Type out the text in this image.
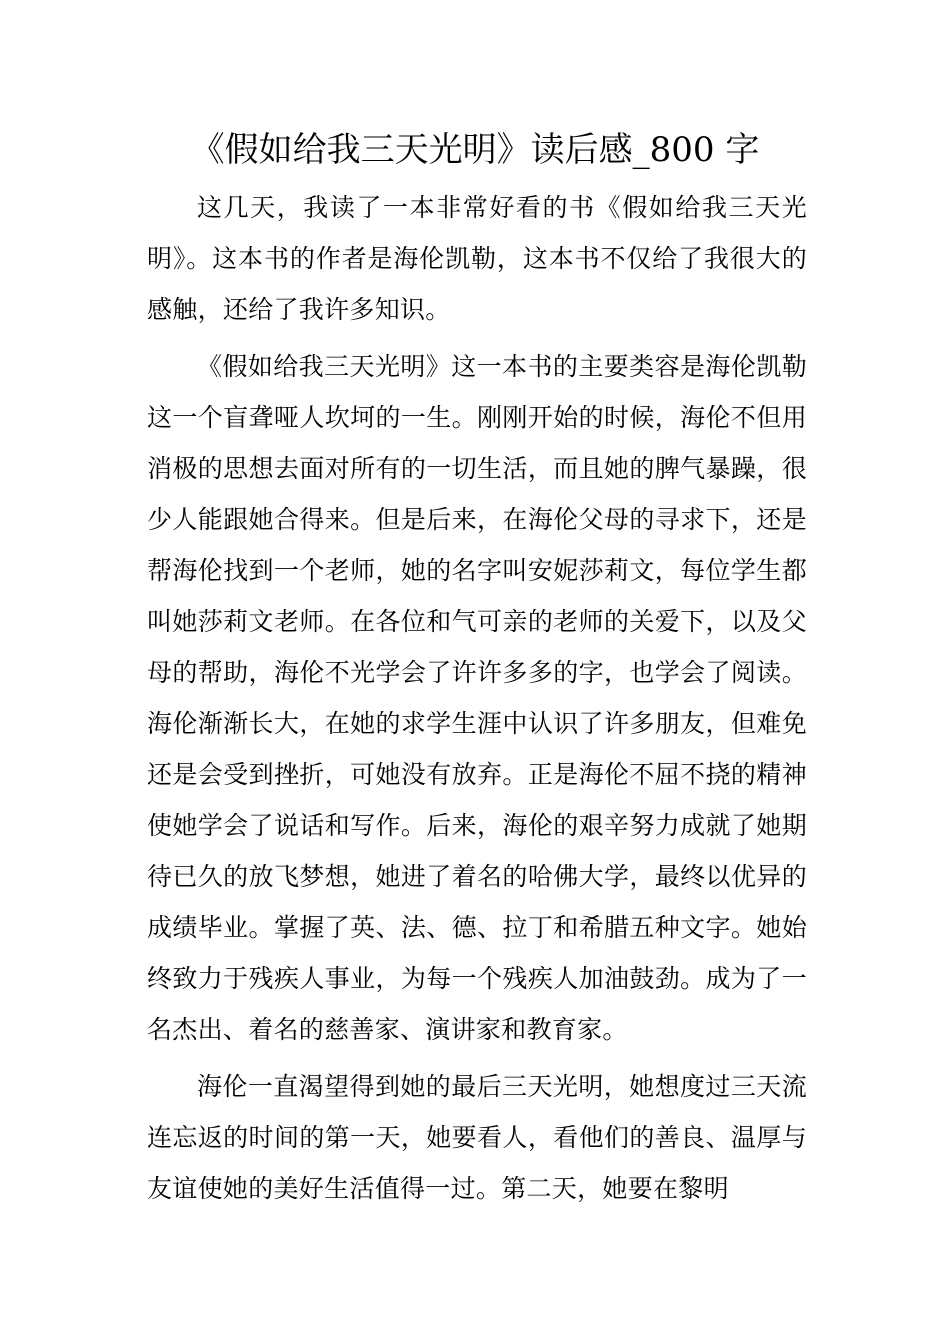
《假如给我三天光明》读后感_800 字

这几天，我读了一本非常好看的书《假如给我三天光明》。这本书的作者是海伦凯勒，这本书不仅给了我很大的感触，还给了我许多知识。

《假如给我三天光明》这一本书的主要类容是海伦凯勒这一个盲聋哑人坎坷的一生。刚刚开始的时候，海伦不但用消极的思想去面对所有的一切生活，而且她的脾气暴躁，很少人能跟她合得来。但是后来，在海伦父母的寻求下，还是帮海伦找到一个老师，她的名字叫安妮莎莉文，每位学生都叫她莎莉文老师。在各位和气可亲的老师的关爱下，以及父母的帮助，海伦不光学会了许许多多的字，也学会了阅读。海伦渐渐长大，在她的求学生涯中认识了许多朋友，但难免还是会受到挫折，可她没有放弃。正是海伦不屈不挠的精神使她学会了说话和写作。后来，海伦的艰辛努力成就了她期待已久的放飞梦想，她进了着名的哈佛大学，最终以优异的成绩毕业。掌握了英、法、德、拉丁和希腊五种文字。她始终致力于残疾人事业，为每一个残疾人加油鼓劲。成为了一名杰出、着名的慈善家、演讲家和教育家。

海伦一直渴望得到她的最后三天光明，她想度过三天流连忘返的时间的第一天，她要看人，看他们的善良、温厚与友谊使她的美好生活值得一过。第二天，她要在黎明
